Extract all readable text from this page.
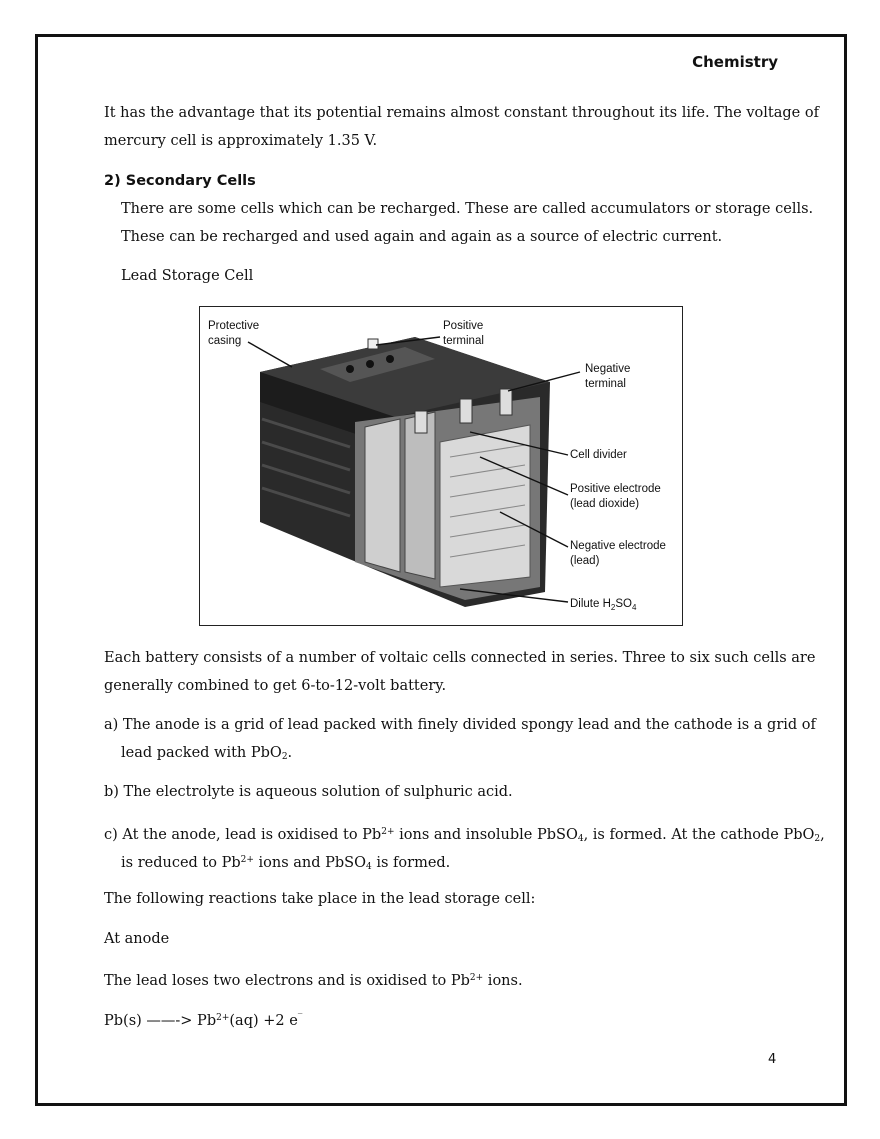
Chemistry

It has the advantage that its potential remains almost constant throughout its life. The voltage of

mercury cell is approximately 1.35 V.

2) Secondary Cells

There are some cells which can be recharged. These are called accumulators or storage cells.

These can be recharged and used again and again as a source of electric current.

Lead Storage Cell

Protective
casing
Positive
terminal
Negative
terminal
Cell divider
Positive electrode
(lead dioxide)
Negative electrode
(lead)
Dilute $H_2SO_4$

Each battery consists of a number of voltaic cells connected in series. Three to six such cells are

generally combined to get 6-to-12-volt battery.

a) The anode is a grid of lead packed with finely divided spongy lead and the cathode is a grid of

lead packed with PbO$_2$.

b) The electrolyte is aqueous solution of sulphuric acid.

c) At the anode, lead is oxidised to $Pb^{2+}$ ions and insoluble PbSO$_4$, is formed. At the cathode PbO$_2$,

is reduced to $Pb^{2+}$ ions and PbSO$_4$ is formed.

The following reactions take place in the lead storage cell:

At anode

The lead loses two electrons and is oxidised to $Pb^{2+}$ ions.

Pb(s) ——-> $Pb^{2+}(aq) +2$ e‾

4
